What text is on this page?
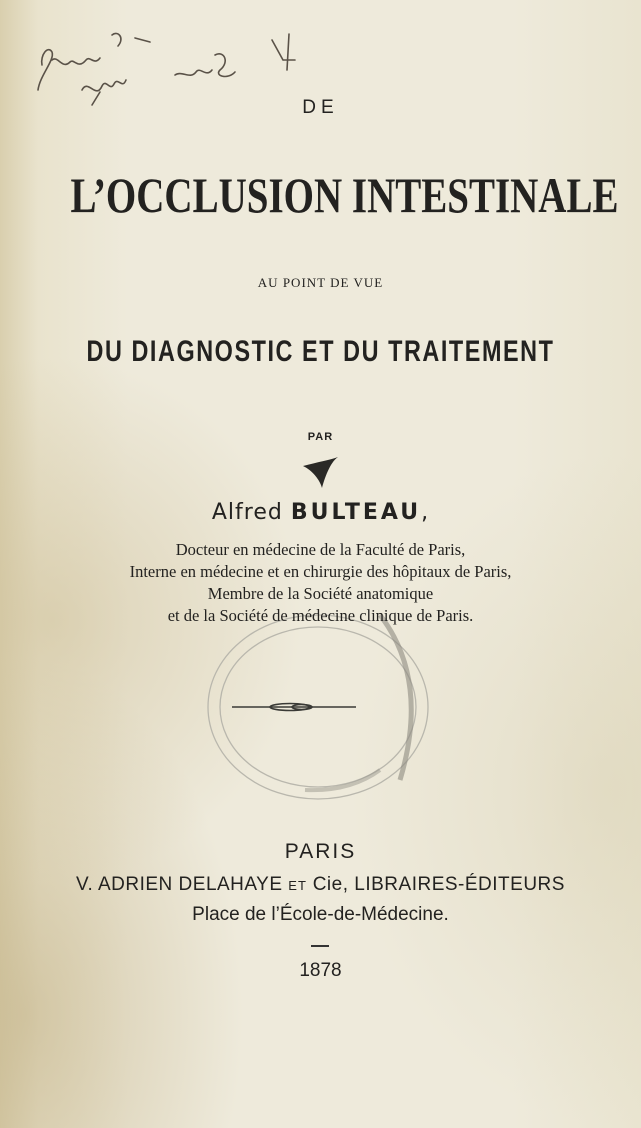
DE
L’OCCLUSION INTESTINALE
AU POINT DE VUE
DU DIAGNOSTIC ET DU TRAITEMENT
PAR
Alfred BULTEAU,
Docteur en médecine de la Faculté de Paris,
Interne en médecine et en chirurgie des hôpitaux de Paris,
Membre de la Société anatomique
et de la Société de médecine clinique de Paris.
PARIS
V. ADRIEN DELAHAYE ET Cie, LIBRAIRES-ÉDITEURS
Place de l’École-de-Médecine.
1878
